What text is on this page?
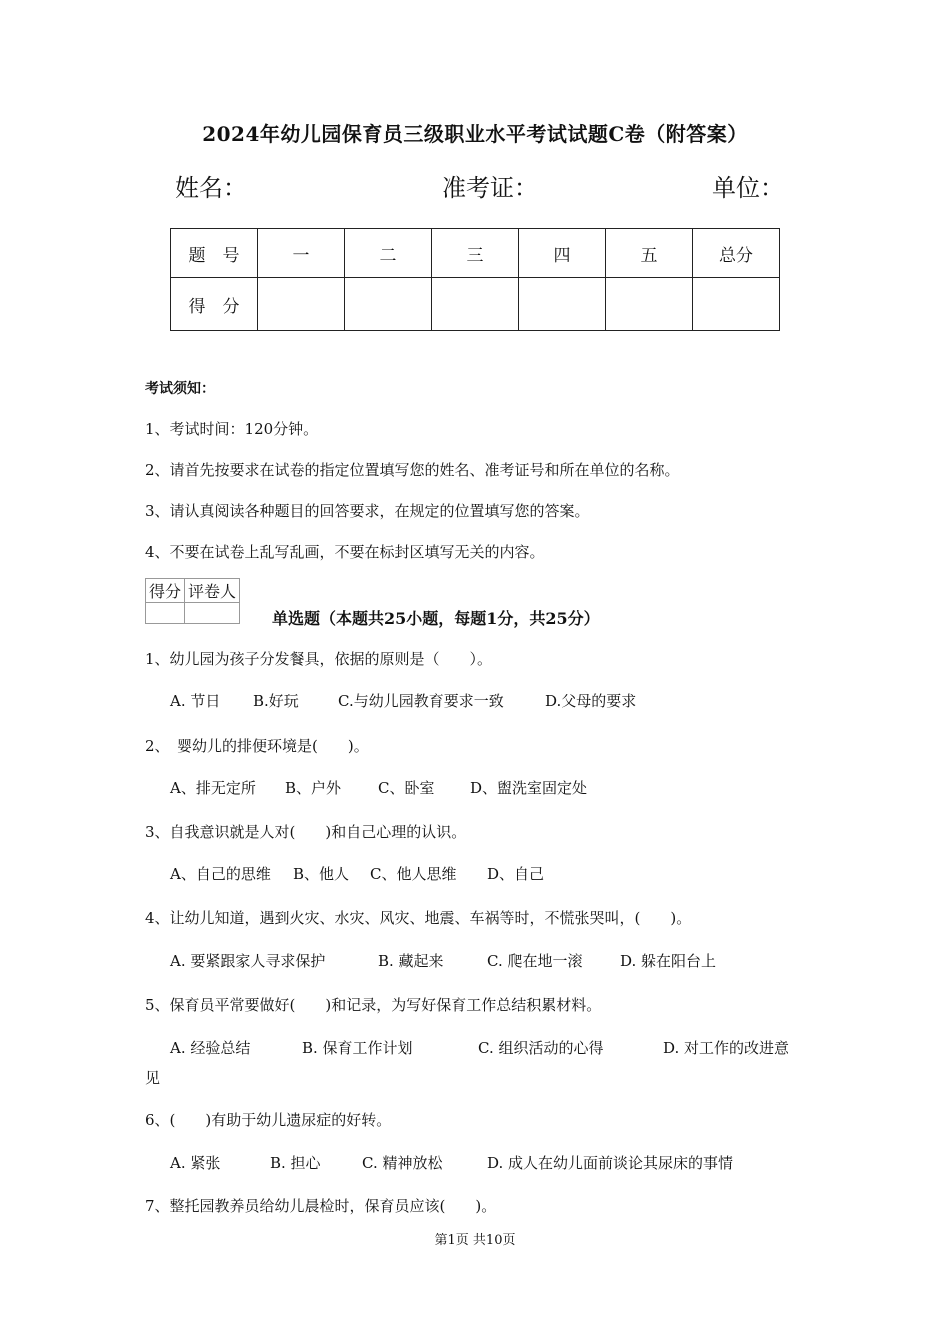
2024年幼儿园保育员三级职业水平考试试题C卷（附答案）
姓名：	准考证：	单位：
题　号	一	二	三	四	五	总分
得　分						
考试须知：
1、考试时间：120分钟。
2、请首先按要求在试卷的指定位置填写您的姓名、准考证号和所在单位的名称。
3、请认真阅读各种题目的回答要求，在规定的位置填写您的答案。
4、不要在试卷上乱写乱画，不要在标封区填写无关的内容。
得分	评卷人

单选题（本题共25小题，每题1分，共25分）
1、幼儿园为孩子分发餐具，依据的原则是（　　）。
A. 节日 B.好玩	C.与幼儿园教育要求一致	D.父母的要求
2、　婴幼儿的排便环境是(　　)。
A、排无定所 B、户外 C、卧室 D、盥洗室固定处
3、自我意识就是人对(　　)和自己心理的认识。
A、自己的思维 B、他人 C、他人思维 D、自己
4、让幼儿知道，遇到火灾、水灾、风灾、地震、车祸等时，不慌张哭叫，(　　)。
A. 要紧跟家人寻求保护	B. 藏起来	C. 爬在地一滚	D. 躲在阳台上
5、保育员平常要做好(　　)和记录，为写好保育工作总结积累材料。
A. 经验总结	B. 保育工作计划	C. 组织活动的心得	D. 对工作的改进意
见
6、(　　)有助于幼儿遗尿症的好转。
A. 紧张	B. 担心	C. 精神放松	D. 成人在幼儿面前谈论其尿床的事情
7、整托园教养员给幼儿晨检时，保育员应该(　　)。
第1页 共10页
